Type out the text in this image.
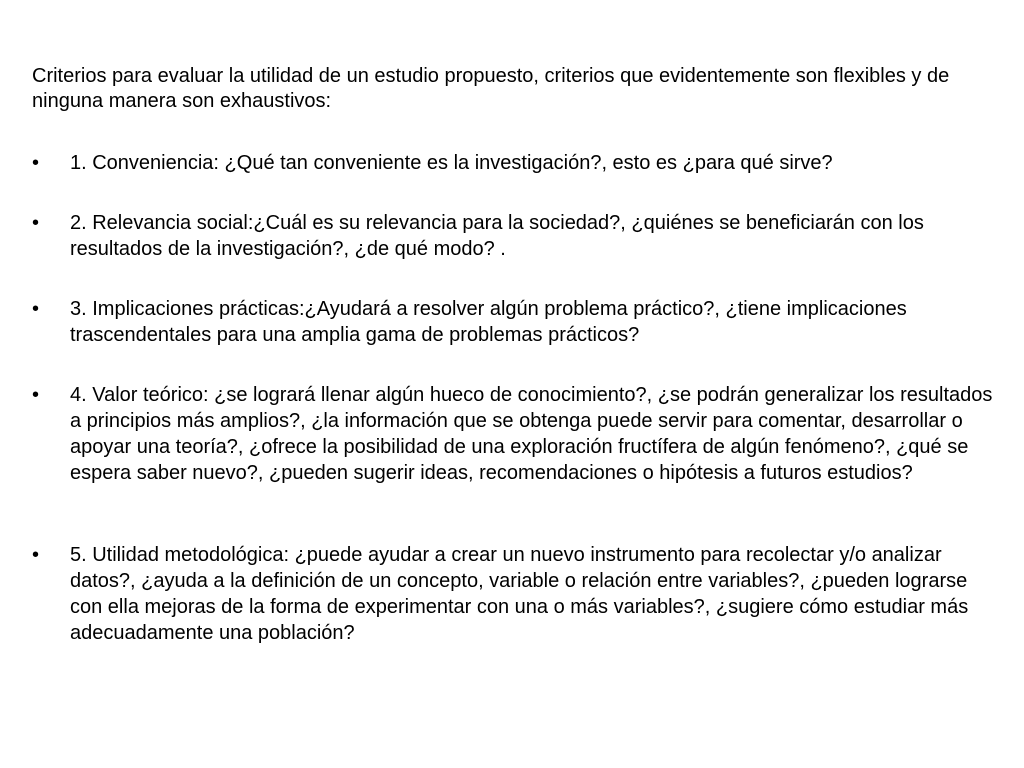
Criterios para evaluar la utilidad de un estudio propuesto, criterios que evidentemente son flexibles y de ninguna manera son exhaustivos:

•	1. Conveniencia: ¿Qué tan conveniente es la investigación?, esto es ¿para qué sirve?
•	2. Relevancia social:¿Cuál es su relevancia para la sociedad?, ¿quiénes se beneficiarán con los resultados de la investigación?, ¿de qué modo? .
•	3. Implicaciones prácticas:¿Ayudará a resolver algún problema práctico?, ¿tiene implicaciones trascendentales para una amplia gama de problemas prácticos?
•	4. Valor teórico: ¿se logrará llenar algún hueco de conocimiento?, ¿se podrán generalizar los resultados a principios más amplios?, ¿la información que se obtenga puede servir para comentar, desarrollar o apoyar una teoría?, ¿ofrece la posibilidad de una exploración fructífera de algún fenómeno?, ¿qué se espera saber nuevo?, ¿pueden sugerir ideas, recomendaciones o hipótesis a futuros estudios?
•	5. Utilidad metodológica: ¿puede ayudar a crear un nuevo instrumento para recolectar y/o analizar datos?, ¿ayuda a la definición de un concepto, variable o relación entre variables?, ¿pueden lograrse con ella mejoras de la forma de experimentar con una o más variables?, ¿sugiere cómo estudiar más adecuadamente una población?
